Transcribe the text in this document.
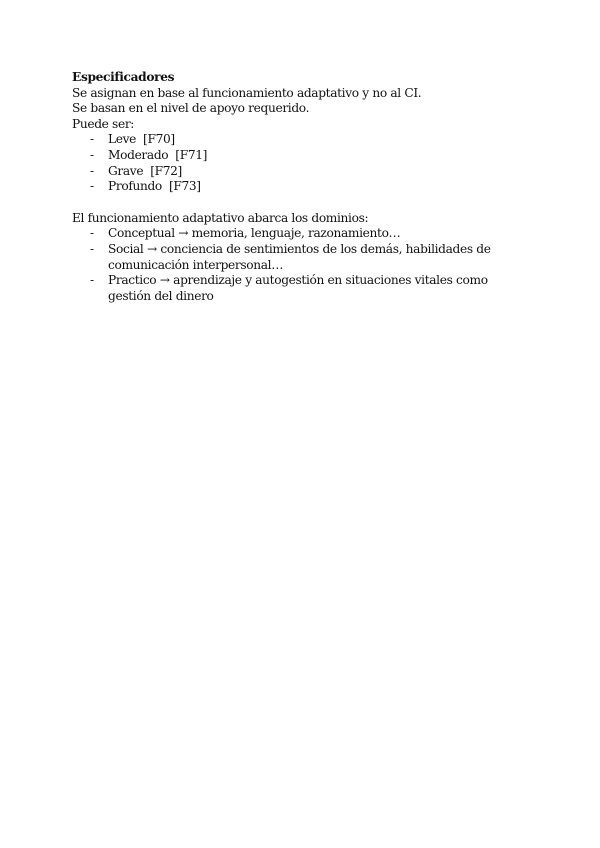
Especificadores

Se asignan en base al funcionamiento adaptativo y no al CI.

Se basan en el nivel de apoyo requerido.

Puede ser:

- Leve  [F70]
- Moderado  [F71]
- Grave  [F72]
- Profundo  [F73]

El funcionamiento adaptativo abarca los dominios:

- Conceptual → memoria, lenguaje, razonamiento…
- Social → conciencia de sentimientos de los demás, habilidades de comunicación interpersonal…
- Practico → aprendizaje y autogestión en situaciones vitales como gestión del dinero
